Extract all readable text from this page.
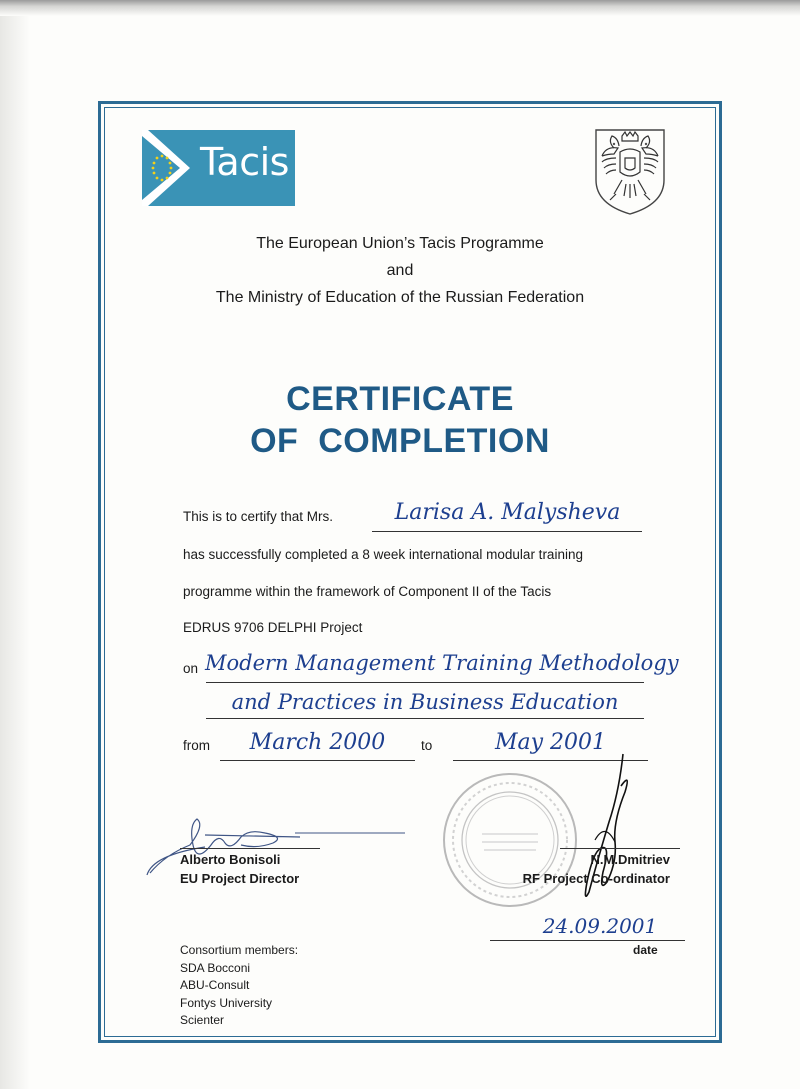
Tacis
The European Union’s Tacis Programme
and
The Ministry of Education of the Russian Federation
CERTIFICATE
OF  COMPLETION
This is to certify that Mrs.	Larisa A. Malysheva
has successfully completed a 8 week international modular training
programme within the framework of Component II of the Tacis
EDRUS 9706 DELPHI Project
on Modern Management Training Methodology
and Practices in Business Education
from	March 2000	to	May 2001
Alberto Bonisoli
EU Project Director
N.M.Dmitriev
RF Project Co-ordinator
24.09.2001
date
Consortium members:
SDA Bocconi
ABU-Consult
Fontys University
Scienter
